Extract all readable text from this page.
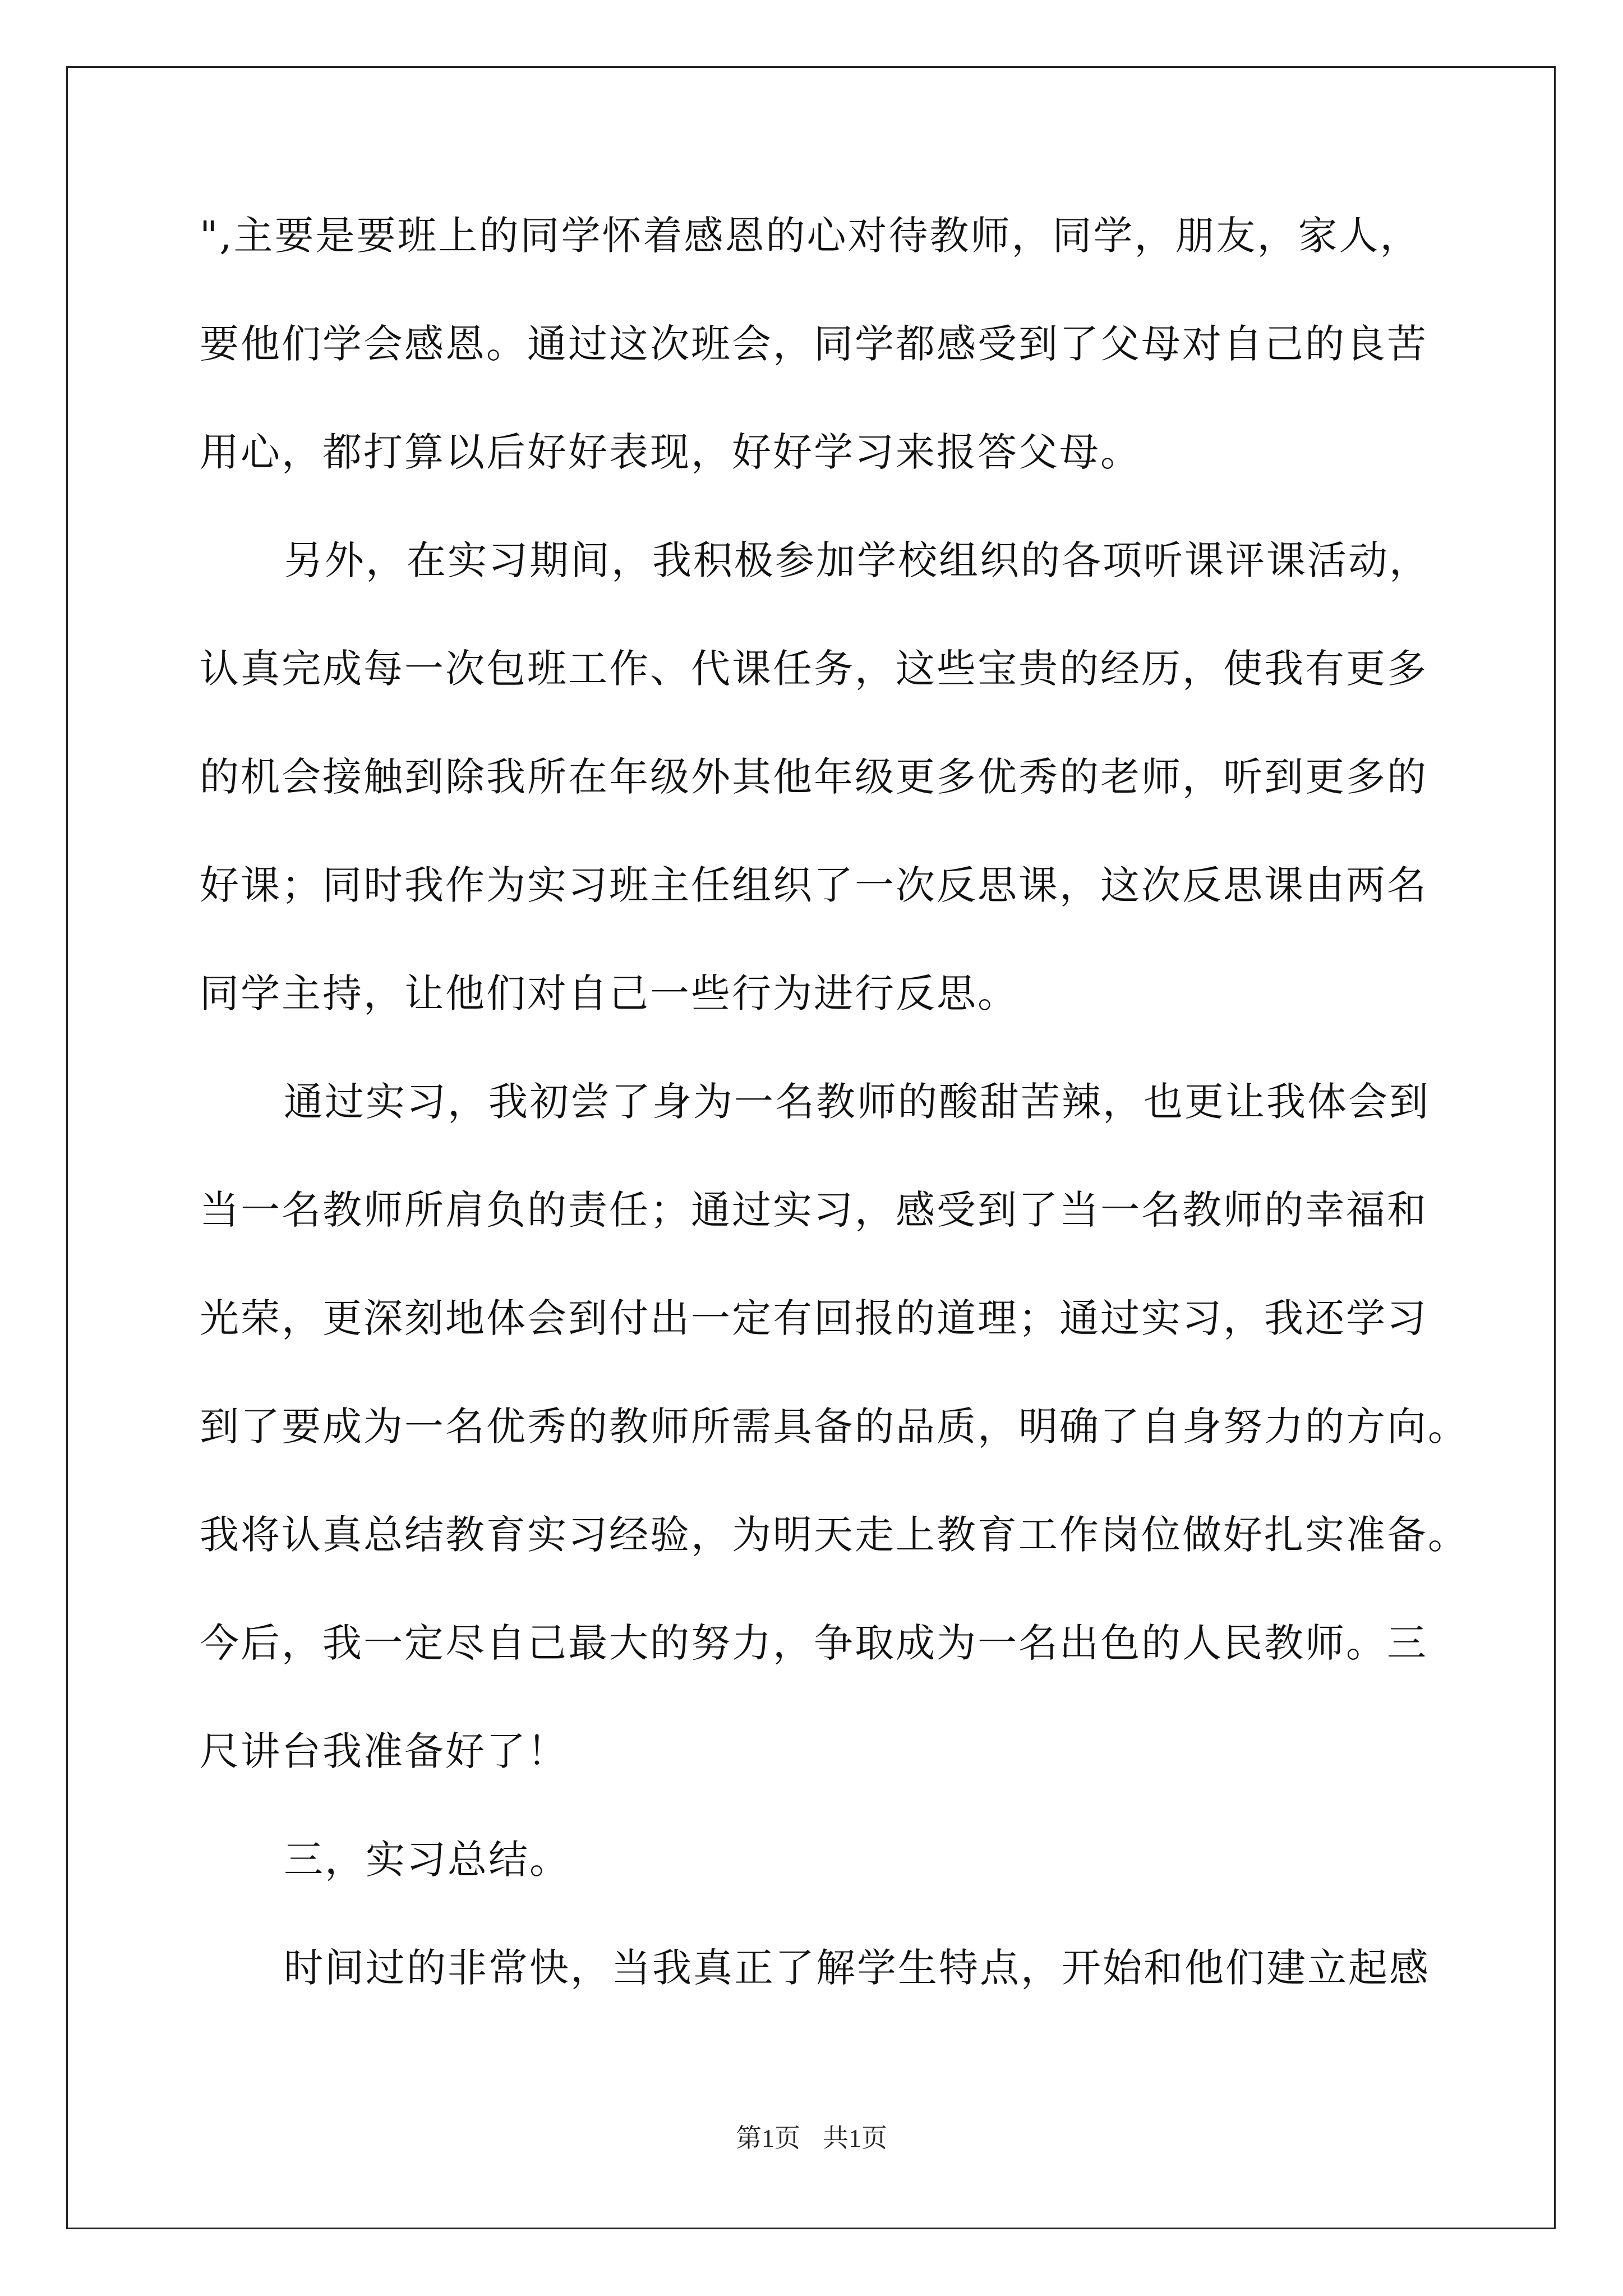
",主要是要班上的同学怀着感恩的心对待教师，同学，朋友，家人，
要他们学会感恩。通过这次班会，同学都感受到了父母对自己的良苦
用心，都打算以后好好表现，好好学习来报答父母。
另外，在实习期间，我积极参加学校组织的各项听课评课活动，
认真完成每一次包班工作、代课任务，这些宝贵的经历，使我有更多
的机会接触到除我所在年级外其他年级更多优秀的老师，听到更多的
好课；同时我作为实习班主任组织了一次反思课，这次反思课由两名
同学主持，让他们对自己一些行为进行反思。
通过实习，我初尝了身为一名教师的酸甜苦辣，也更让我体会到
当一名教师所肩负的责任；通过实习，感受到了当一名教师的幸福和
光荣，更深刻地体会到付出一定有回报的道理；通过实习，我还学习
到了要成为一名优秀的教师所需具备的品质，明确了自身努力的方向。
我将认真总结教育实习经验，为明天走上教育工作岗位做好扎实准备。
今后，我一定尽自己最大的努力，争取成为一名出色的人民教师。三
尺讲台我准备好了！
三，实习总结。
时间过的非常快，当我真正了解学生特点，开始和他们建立起感
第1页 共1页
